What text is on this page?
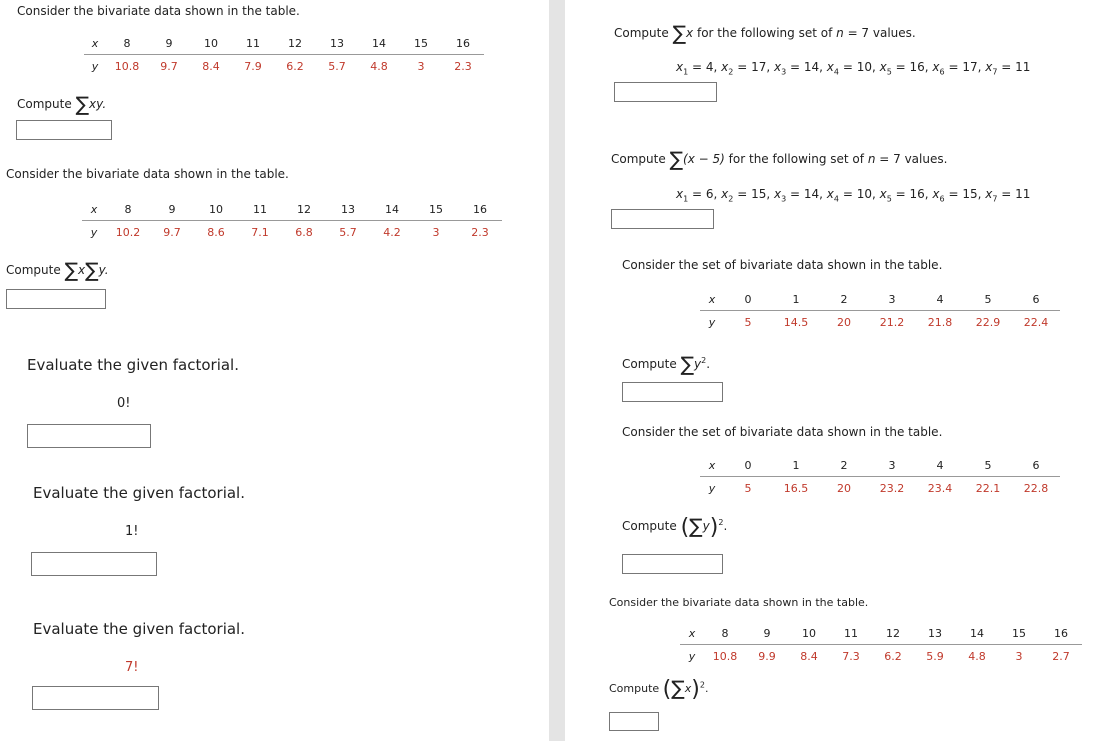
Consider the bivariate data shown in the table.
x	8	9	10	11	12	13	14	15	16
y	10.8	9.7	8.4	7.9	6.2	5.7	4.8	3	2.3
Compute ∑xy.
Consider the bivariate data shown in the table.
x	8	9	10	11	12	13	14	15	16
y	10.2	9.7	8.6	7.1	6.8	5.7	4.2	3	2.3
Compute ∑x∑y.
Evaluate the given factorial.
0!
Evaluate the given factorial.
1!
Evaluate the given factorial.
7!
Compute ∑x for the following set of n = 7 values.
$x_1 = 4$, $x_2 = 17$, $x_3 = 14$, $x_4 = 10$, $x_5 = 16$, $x_6 = 17$, $x_7 = 11$
Compute ∑(x − 5) for the following set of n = 7 values.
$x_1 = 6$, $x_2 = 15$, $x_3 = 14$, $x_4 = 10$, $x_5 = 16$, $x_6 = 15$, $x_7 = 11$
Consider the set of bivariate data shown in the table.
x	0	1	2	3	4	5	6
y	5	14.5	20	21.2	21.8	22.9	22.4
Compute $\sum y^2$.
Consider the set of bivariate data shown in the table.
x	0	1	2	3	4	5	6
y	5	16.5	20	23.2	23.4	22.1	22.8
Compute $(\sum y)^2$.
Consider the bivariate data shown in the table.
x	8	9	10	11	12	13	14	15	16
y	10.8	9.9	8.4	7.3	6.2	5.9	4.8	3	2.7
Compute $(\sum x)^2$.
